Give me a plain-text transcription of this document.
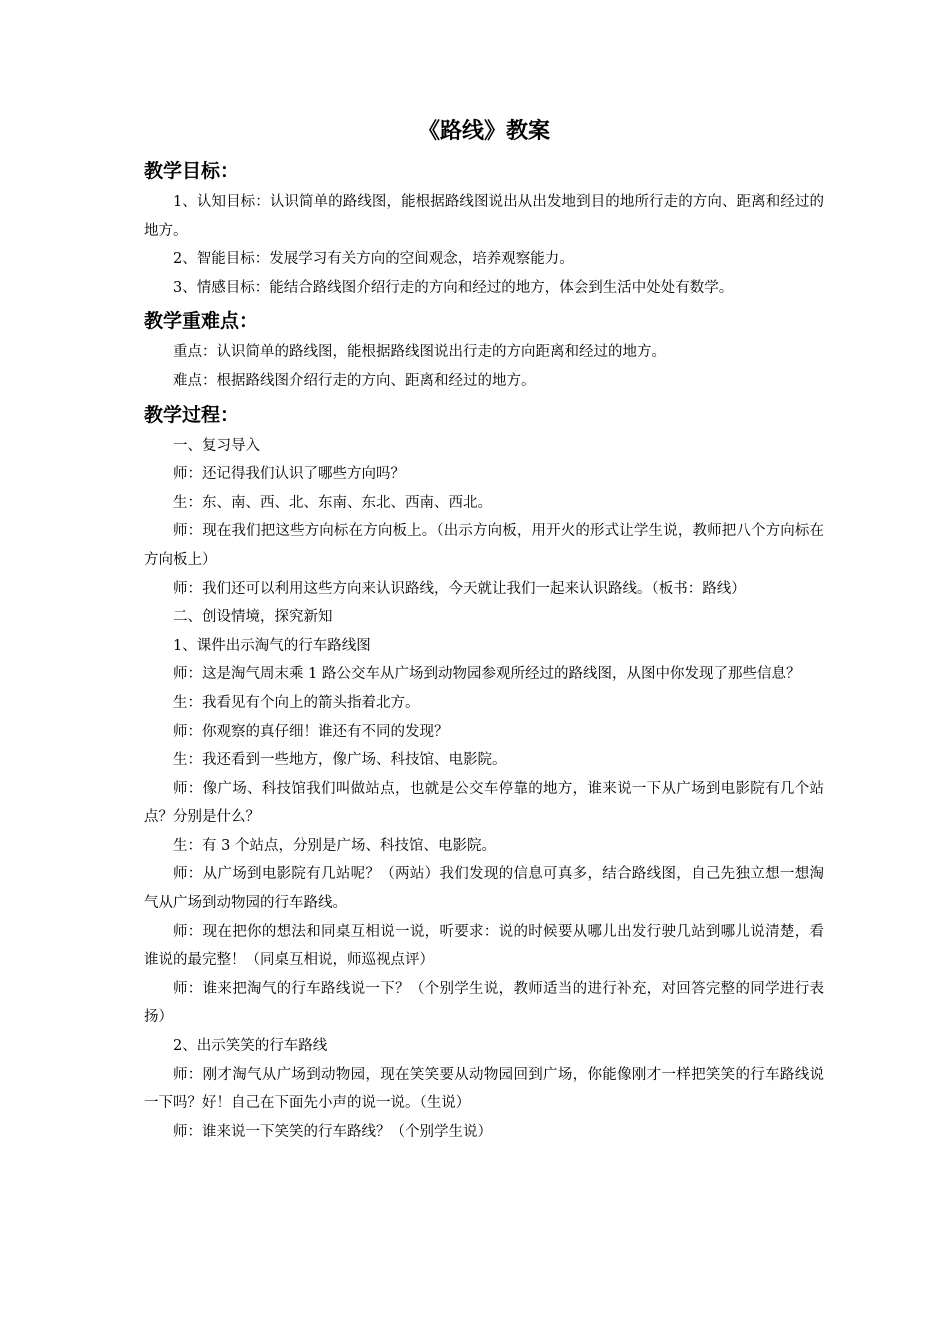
《路线》教案
教学目标：

1、认知目标：认识简单的路线图，能根据路线图说出从出发地到目的地所行走的方向、距离和经过的地方。

2、智能目标：发展学习有关方向的空间观念，培养观察能力。

3、情感目标：能结合路线图介绍行走的方向和经过的地方，体会到生活中处处有数学。

教学重难点：

重点：认识简单的路线图，能根据路线图说出行走的方向距离和经过的地方。

难点：根据路线图介绍行走的方向、距离和经过的地方。

教学过程：

一、复习导入

师：还记得我们认识了哪些方向吗？

生：东、南、西、北、东南、东北、西南、西北。

师：现在我们把这些方向标在方向板上。（出示方向板，用开火的形式让学生说，教师把八个方向标在方向板上）

师：我们还可以利用这些方向来认识路线，今天就让我们一起来认识路线。（板书：路线）

二、创设情境，探究新知

1、课件出示淘气的行车路线图

师：这是淘气周末乘 1 路公交车从广场到动物园参观所经过的路线图，从图中你发现了那些信息？

生：我看见有个向上的箭头指着北方。

师：你观察的真仔细！谁还有不同的发现？

生：我还看到一些地方，像广场、科技馆、电影院。

师：像广场、科技馆我们叫做站点，也就是公交车停靠的地方，谁来说一下从广场到电影院有几个站点？分别是什么？

生：有 3 个站点，分别是广场、科技馆、电影院。

师：从广场到电影院有几站呢？（两站）我们发现的信息可真多，结合路线图，自己先独立想一想淘气从广场到动物园的行车路线。

师：现在把你的想法和同桌互相说一说，听要求：说的时候要从哪儿出发行驶几站到哪儿说清楚，看谁说的最完整！（同桌互相说，师巡视点评）

师：谁来把淘气的行车路线说一下？（个别学生说，教师适当的进行补充，对回答完整的同学进行表扬）

2、出示笑笑的行车路线

师：刚才淘气从广场到动物园，现在笑笑要从动物园回到广场，你能像刚才一样把笑笑的行车路线说一下吗？好！自己在下面先小声的说一说。（生说）

师：谁来说一下笑笑的行车路线？（个别学生说）
